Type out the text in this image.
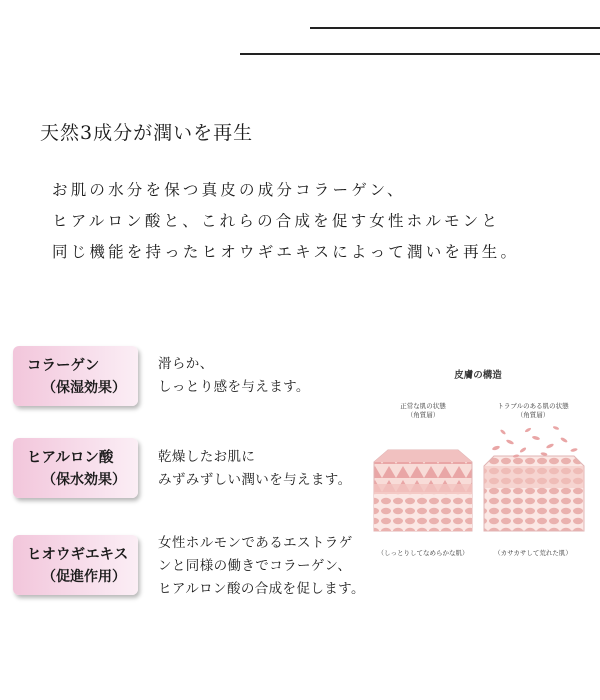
天然3成分が潤いを再生
お肌の水分を保つ真皮の成分コラーゲン、
ヒアルロン酸と、これらの合成を促す女性ホルモンと
同じ機能を持ったヒオウギエキスによって潤いを再生。
コラーゲン
（保湿効果）
滑らか、
しっとり感を与えます。
ヒアルロン酸
（保水効果）
乾燥したお肌に
みずみずしい潤いを与えます。
ヒオウギエキス
（促進作用）
女性ホルモンであるエストラゲ
ンと同様の働きでコラーゲン、
ヒアルロン酸の合成を促します。
皮膚の構造
正常な肌の状態
（角質層）
トラブルのある肌の状態
（角質層）
（しっとりしてなめらかな肌）	（カサカサして荒れた肌）
